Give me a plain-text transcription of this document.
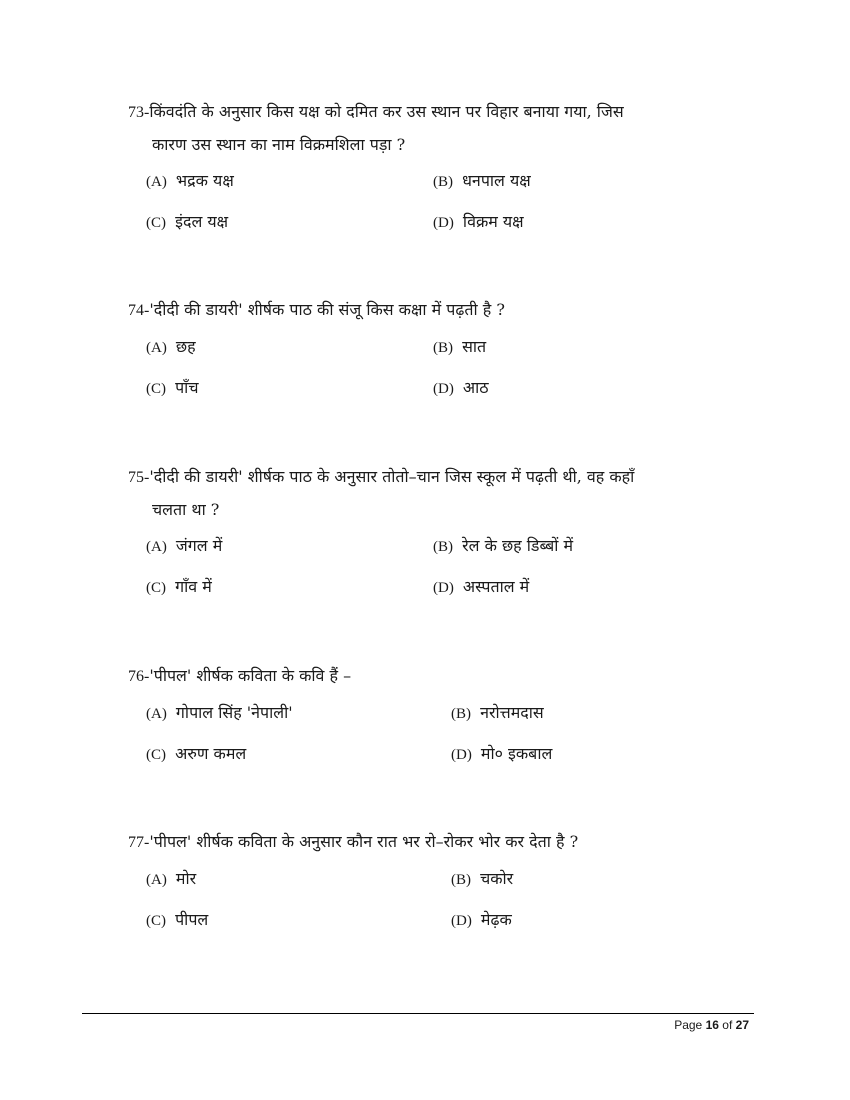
73-किंवदंति के अनुसार किस यक्ष को दमित कर उस स्थान पर विहार बनाया गया, जिस
कारण उस स्थान का नाम विक्रमशिला पड़ा ?
(A) भद्रक यक्ष	(B) धनपाल यक्ष
(C) इंदल यक्ष	(D) विक्रम यक्ष
74-'दीदी की डायरी' शीर्षक पाठ की संजू किस कक्षा में पढ़ती है ?
(A) छह	(B) सात
(C) पाँच	(D) आठ
75-'दीदी की डायरी' शीर्षक पाठ के अनुसार तोतो–चान जिस स्कूल में पढ़ती थी, वह कहाँ
चलता था ?
(A) जंगल में	(B) रेल के छह डिब्बों में
(C) गाँव में	(D) अस्पताल में
76-'पीपल' शीर्षक कविता के कवि हैं –
(A) गोपाल सिंह 'नेपाली'	(B) नरोत्तमदास
(C) अरुण कमल	(D) मो० इकबाल
77-'पीपल' शीर्षक कविता के अनुसार कौन रात भर रो–रोकर भोर कर देता है ?
(A) मोर	(B) चकोर
(C) पीपल	(D) मेढ़क
Page 16 of 27
